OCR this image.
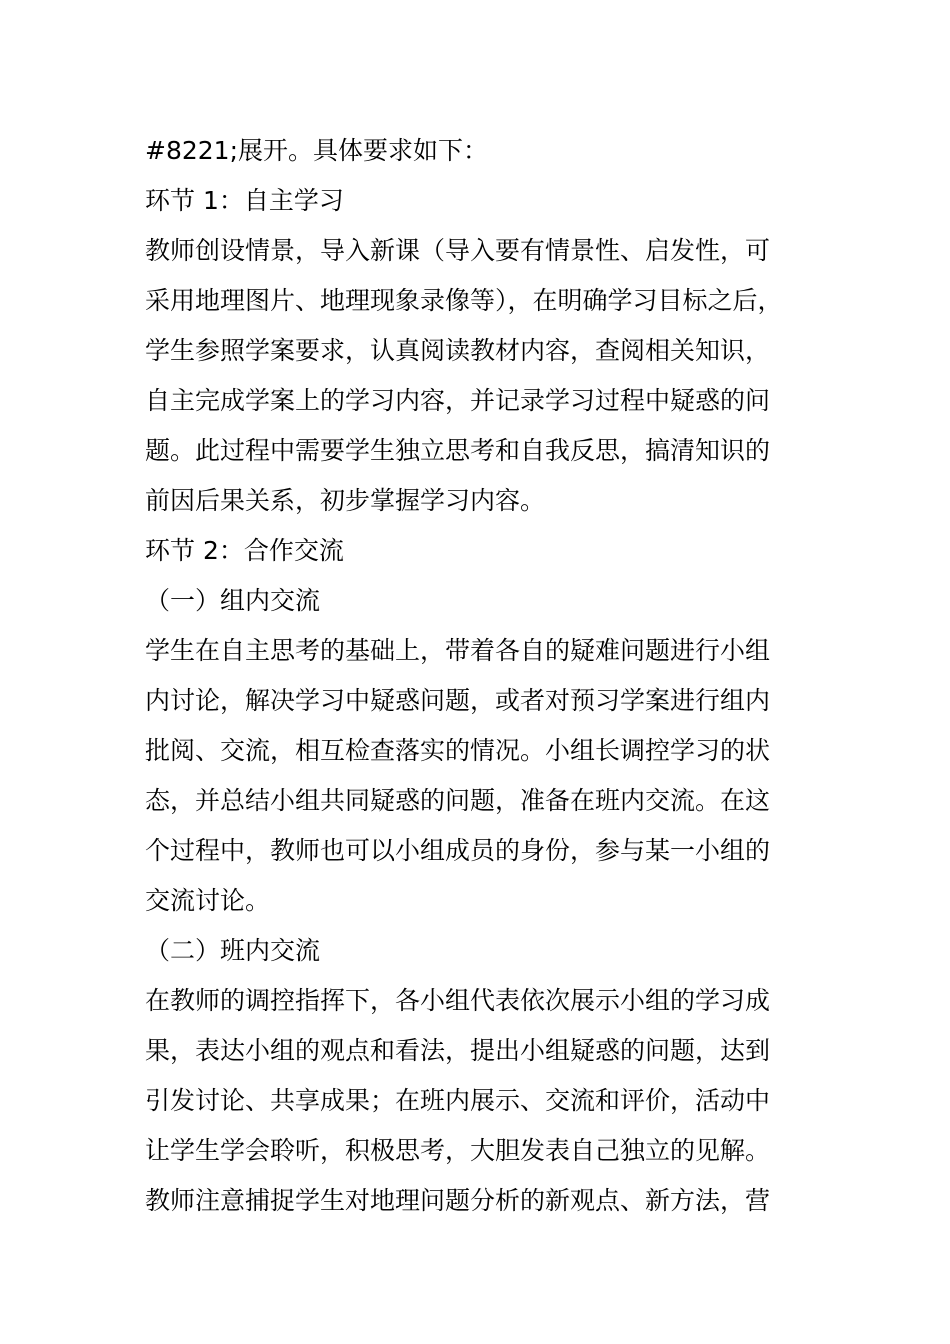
#8221;展开。具体要求如下：
环节 1：自主学习
教师创设情景，导入新课（导入要有情景性、启发性，可
采用地理图片、地理现象录像等），在明确学习目标之后，
学生参照学案要求，认真阅读教材内容，查阅相关知识，
自主完成学案上的学习内容，并记录学习过程中疑惑的问
题。此过程中需要学生独立思考和自我反思，搞清知识的
前因后果关系，初步掌握学习内容。
环节 2：合作交流
（一）组内交流
学生在自主思考的基础上，带着各自的疑难问题进行小组
内讨论，解决学习中疑惑问题，或者对预习学案进行组内
批阅、交流，相互检查落实的情况。小组长调控学习的状
态，并总结小组共同疑惑的问题，准备在班内交流。在这
个过程中，教师也可以小组成员的身份，参与某一小组的
交流讨论。
（二）班内交流
在教师的调控指挥下，各小组代表依次展示小组的学习成
果，表达小组的观点和看法，提出小组疑惑的问题，达到
引发讨论、共享成果；在班内展示、交流和评价，活动中
让学生学会聆听，积极思考，大胆发表自己独立的见解。
教师注意捕捉学生对地理问题分析的新观点、新方法，营
